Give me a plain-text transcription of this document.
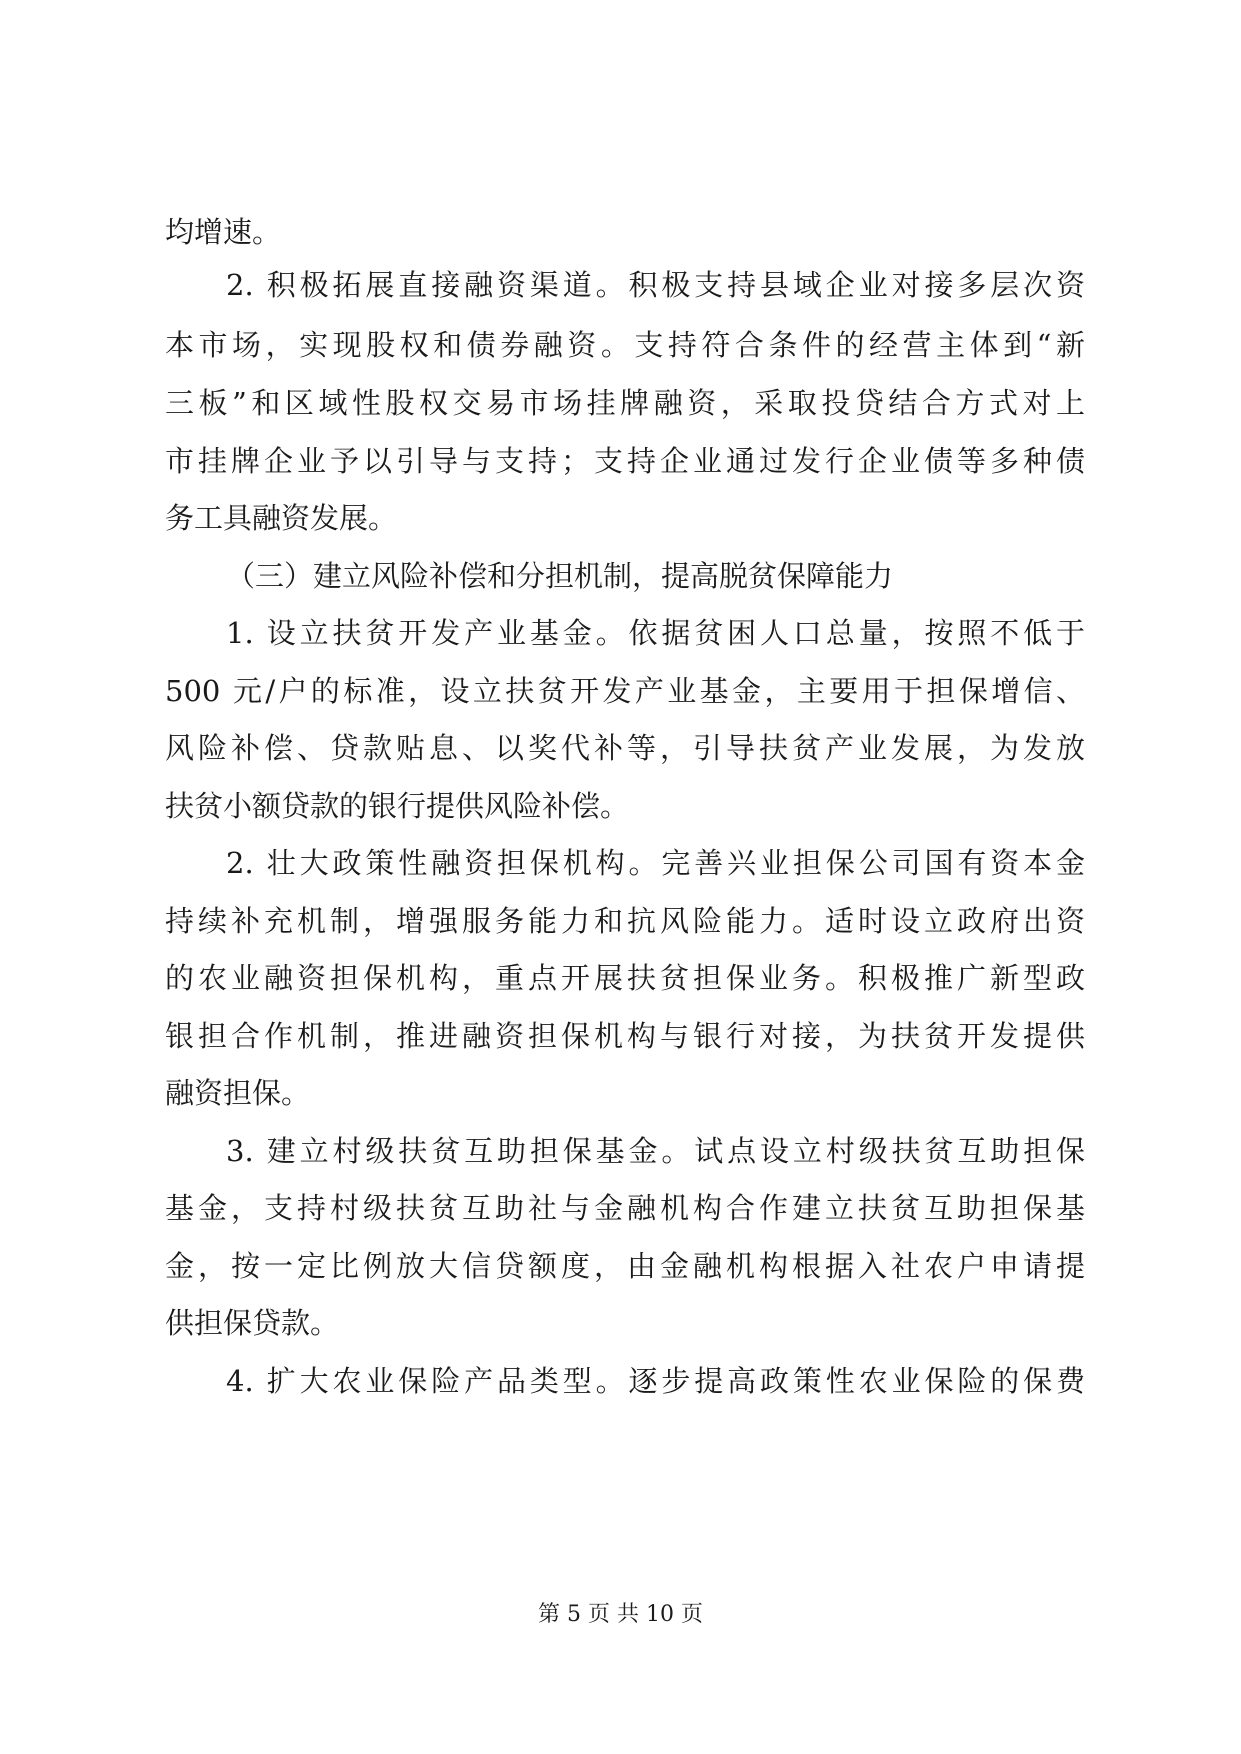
均增速。
2. 积极拓展直接融资渠道。积极支持县域企业对接多层次资
本市场，实现股权和债券融资。支持符合条件的经营主体到“新
三板”和区域性股权交易市场挂牌融资，采取投贷结合方式对上
市挂牌企业予以引导与支持；支持企业通过发行企业债等多种债
务工具融资发展。
（三）建立风险补偿和分担机制，提高脱贫保障能力
1. 设立扶贫开发产业基金。依据贫困人口总量，按照不低于
500 元/户的标准，设立扶贫开发产业基金，主要用于担保增信、
风险补偿、贷款贴息、以奖代补等，引导扶贫产业发展，为发放
扶贫小额贷款的银行提供风险补偿。
2. 壮大政策性融资担保机构。完善兴业担保公司国有资本金
持续补充机制，增强服务能力和抗风险能力。适时设立政府出资
的农业融资担保机构，重点开展扶贫担保业务。积极推广新型政
银担合作机制，推进融资担保机构与银行对接，为扶贫开发提供
融资担保。
3. 建立村级扶贫互助担保基金。试点设立村级扶贫互助担保
基金，支持村级扶贫互助社与金融机构合作建立扶贫互助担保基
金，按一定比例放大信贷额度，由金融机构根据入社农户申请提
供担保贷款。
4. 扩大农业保险产品类型。逐步提高政策性农业保险的保费
第 5 页 共 10 页
